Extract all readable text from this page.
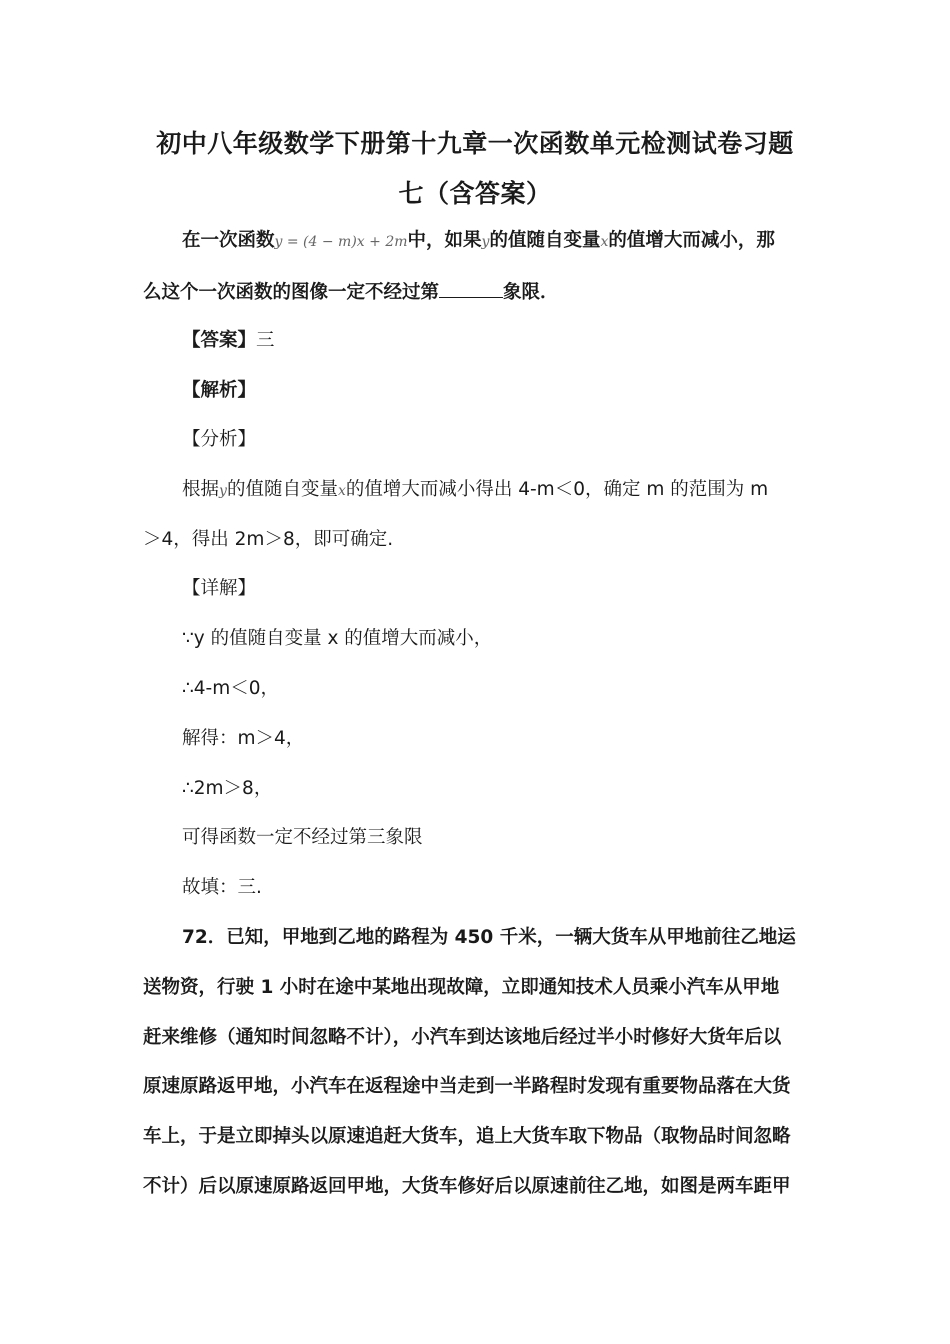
初中八年级数学下册第十九章一次函数单元检测试卷习题
七（含答案）
在一次函数y = (4 − m)x + 2m中，如果y的值随自变量x的值增大而减小，那
么这个一次函数的图像一定不经过第	象限．
【答案】三
【解析】
【分析】
根据y的值随自变量x的值增大而减小得出 4-m＜0，确定 m 的范围为 m
＞4，得出 2m＞8，即可确定.
【详解】
∵y 的值随自变量 x 的值增大而减小，
∴4-m＜0，
解得：m＞4，
∴2m＞8，
可得函数一定不经过第三象限
故填：三.
72．已知，甲地到乙地的路程为 450 千米，一辆大货车从甲地前往乙地运
送物资，行驶 1 小时在途中某地出现故障，立即通知技术人员乘小汽车从甲地
赶来维修（通知时间忽略不计），小汽车到达该地后经过半小时修好大货年后以
原速原路返甲地，小汽车在返程途中当走到一半路程时发现有重要物品落在大货
车上，于是立即掉头以原速追赶大货车，追上大货车取下物品（取物品时间忽略
不计）后以原速原路返回甲地，大货车修好后以原速前往乙地，如图是两车距甲
